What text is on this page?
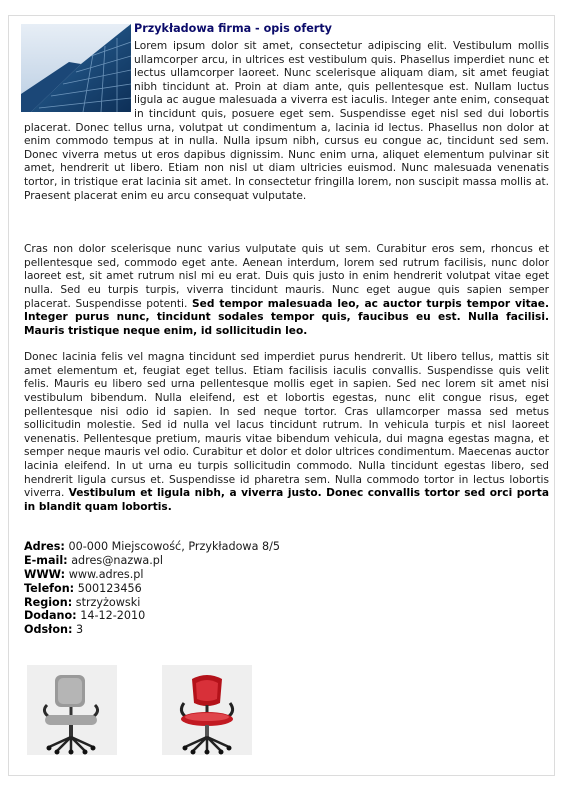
Przykładowa firma - opis oferty

Lorem ipsum dolor sit amet, consectetur adipiscing elit. Vestibulum mollis ullamcorper arcu, in ultrices est vestibulum quis. Phasellus imperdiet nunc et lectus ullamcorper laoreet. Nunc scelerisque aliquam diam, sit amet feugiat nibh tincidunt at. Proin at diam ante, quis pellentesque est. Nullam luctus ligula ac augue malesuada a viverra est iaculis. Integer ante enim, consequat in tincidunt quis, posuere eget sem. Suspendisse eget nisl sed dui lobortis placerat. Donec tellus urna, volutpat ut condimentum a, lacinia id lectus. Phasellus non dolor at enim commodo tempus at in nulla. Nulla ipsum nibh, cursus eu congue ac, tincidunt sed sem. Donec viverra metus ut eros dapibus dignissim. Nunc enim urna, aliquet elementum pulvinar sit amet, hendrerit ut libero. Etiam non nisl ut diam ultricies euismod. Nunc malesuada venenatis tortor, in tristique erat lacinia sit amet. In consectetur fringilla lorem, non suscipit massa mollis at. Praesent placerat enim eu arcu consequat vulputate.

Cras non dolor scelerisque nunc varius vulputate quis ut sem. Curabitur eros sem, rhoncus et pellentesque sed, commodo eget ante. Aenean interdum, lorem sed rutrum facilisis, nunc dolor laoreet est, sit amet rutrum nisl mi eu erat. Duis quis justo in enim hendrerit volutpat vitae eget nulla. Sed eu turpis turpis, viverra tincidunt mauris. Nunc eget augue quis sapien semper placerat. Suspendisse potenti. Sed tempor malesuada leo, ac auctor turpis tempor vitae. Integer purus nunc, tincidunt sodales tempor quis, faucibus eu est. Nulla facilisi. Mauris tristique neque enim, id sollicitudin leo.

Donec lacinia felis vel magna tincidunt sed imperdiet purus hendrerit. Ut libero tellus, mattis sit amet elementum et, feugiat eget tellus. Etiam facilisis iaculis convallis. Suspendisse quis velit felis. Mauris eu libero sed urna pellentesque mollis eget in sapien. Sed nec lorem sit amet nisi vestibulum bibendum. Nulla eleifend, est et lobortis egestas, nunc elit congue risus, eget pellentesque nisi odio id sapien. In sed neque tortor. Cras ullamcorper massa sed metus sollicitudin molestie. Sed id nulla vel lacus tincidunt rutrum. In vehicula turpis et nisl laoreet venenatis. Pellentesque pretium, mauris vitae bibendum vehicula, dui magna egestas magna, et semper neque mauris vel odio. Curabitur et dolor et dolor ultrices condimentum. Maecenas auctor lacinia eleifend. In ut urna eu turpis sollicitudin commodo. Nulla tincidunt egestas libero, sed hendrerit ligula cursus et. Suspendisse id pharetra sem. Nulla commodo tortor in lectus lobortis viverra. Vestibulum et ligula nibh, a viverra justo. Donec convallis tortor sed orci porta in blandit quam lobortis.

Adres: 00-000 Miejscowość, Przykładowa 8/5
E-mail: adres@nazwa.pl
WWW: www.adres.pl
Telefon: 500123456
Region: strzyżowski
Dodano: 14-12-2010
Odsłon: 3
